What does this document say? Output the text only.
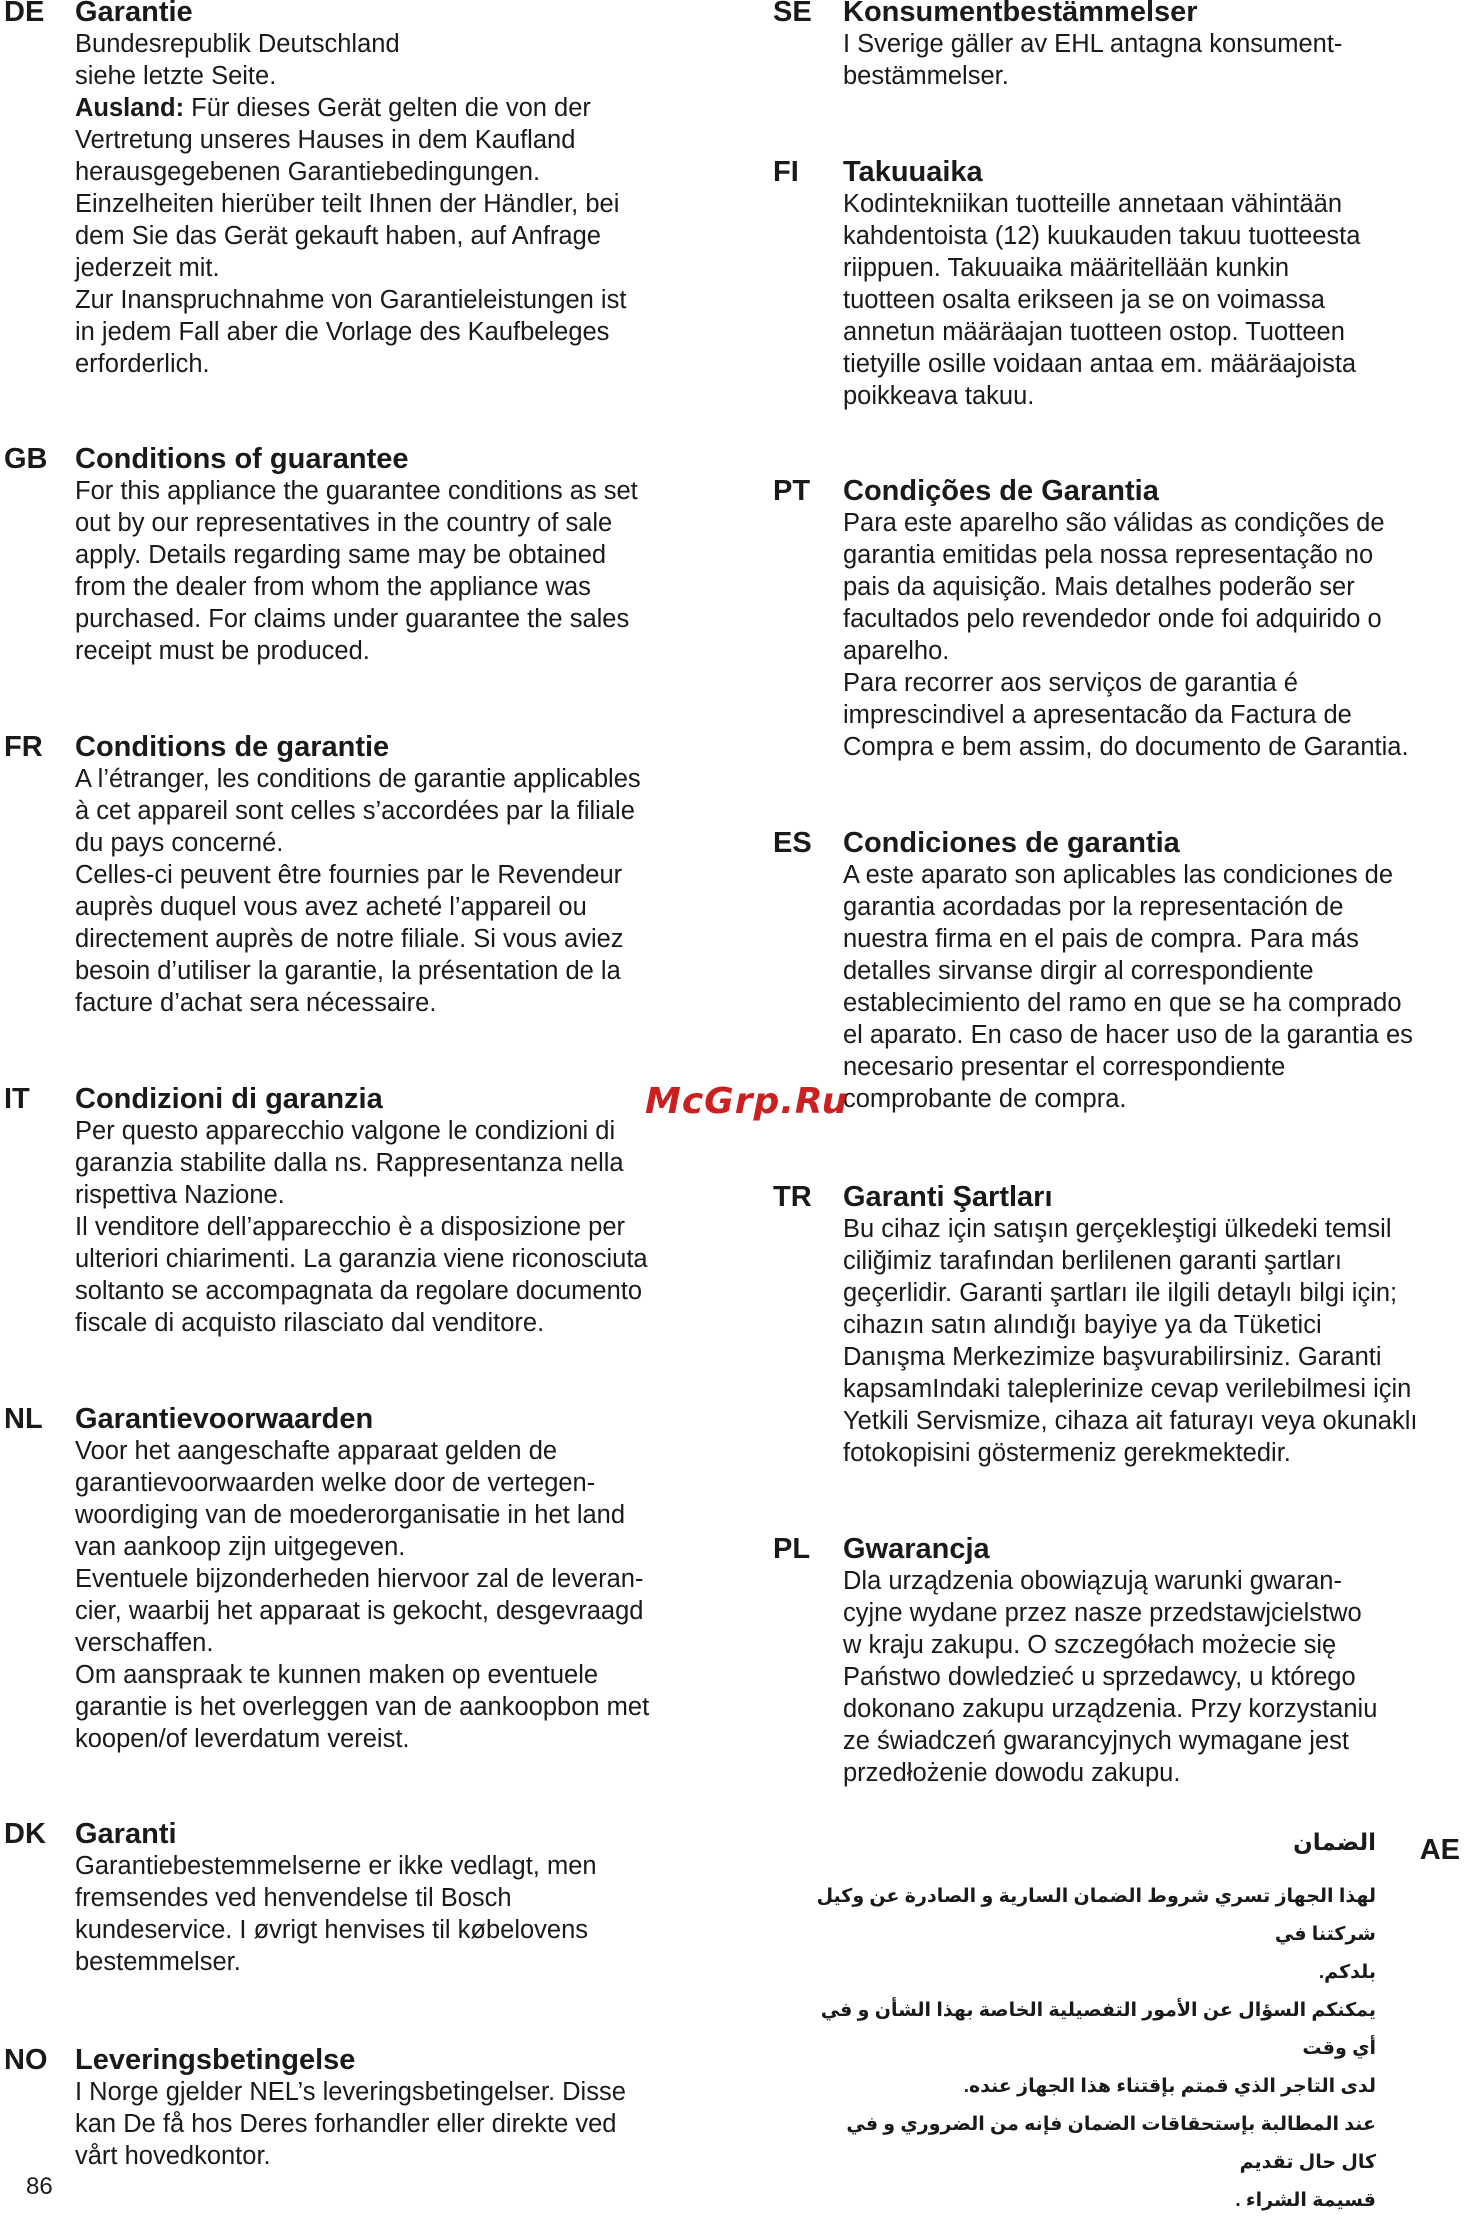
DE Garantie
Bundesrepublik Deutschland
siehe letzte Seite.
Ausland: Für dieses Gerät gelten die von der
Vertretung unseres Hauses in dem Kaufland
herausgegebenen Garantiebedingungen.
Einzelheiten hierüber teilt Ihnen der Händler, bei
dem Sie das Gerät gekauft haben, auf Anfrage
jederzeit mit.
Zur Inanspruchnahme von Garantieleistungen ist
in jedem Fall aber die Vorlage des Kaufbeleges
erforderlich.
GB Conditions of guarantee
For this appliance the guarantee conditions as set
out by our representatives in the country of sale
apply. Details regarding same may be obtained
from the dealer from whom the appliance was
purchased. For claims under guarantee the sales
receipt must be produced.
FR Conditions de garantie
A l’étranger, les conditions de garantie applicables
à cet appareil sont celles s’accordées par la filiale
du pays concerné.
Celles-ci peuvent être fournies par le Revendeur
auprès duquel vous avez acheté l’appareil ou
directement auprès de notre filiale. Si vous aviez
besoin d’utiliser la garantie, la présentation de la
facture d’achat sera nécessaire.
IT Condizioni di garanzia
Per questo apparecchio valgone le condizioni di
garanzia stabilite dalla ns. Rappresentanza nella
rispettiva Nazione.
Il venditore dell’apparecchio è a disposizione per
ulteriori chiarimenti. La garanzia viene riconosciuta
soltanto se accompagnata da regolare documento
fiscale di acquisto rilasciato dal venditore.
NL Garantievoorwaarden
Voor het aangeschafte apparaat gelden de
garantievoorwaarden welke door de vertegen-
woordiging van de moederorganisatie in het land
van aankoop zijn uitgegeven.
Eventuele bijzonderheden hiervoor zal de leveran-
cier, waarbij het apparaat is gekocht, desgevraagd
verschaffen.
Om aanspraak te kunnen maken op eventuele
garantie is het overleggen van de aankoopbon met
koopen/of leverdatum vereist.
DK Garanti
Garantiebestemmelserne er ikke vedlagt, men
fremsendes ved henvendelse til Bosch
kundeservice. I øvrigt henvises til købelovens
bestemmelser.
NO Leveringsbetingelse
I Norge gjelder NEL’s leveringsbetingelser. Disse
kan De få hos Deres forhandler eller direkte ved
vårt hovedkontor.
SE Konsumentbestämmelser
I Sverige gäller av EHL antagna konsument-
bestämmelser.
FI Takuuaika
Kodintekniikan tuotteille annetaan vähintään
kahdentoista (12) kuukauden takuu tuotteesta
riippuen. Takuuaika määritellään kunkin
tuotteen osalta erikseen ja se on voimassa
annetun määräajan tuotteen ostop. Tuotteen
tietyille osille voidaan antaa em. määräajoista
poikkeava takuu.
PT Condições de Garantia
Para este aparelho são válidas as condições de
garantia emitidas pela nossa representação no
pais da aquisição. Mais detalhes poderão ser
facultados pelo revendedor onde foi adquirido o
aparelho.
Para recorrer aos serviços de garantia é
imprescindivel a apresentacão da Factura de
Compra e bem assim, do documento de Garantia.
ES Condiciones de garantia
A este aparato son aplicables las condiciones de
garantia acordadas por la representación de
nuestra firma en el pais de compra. Para más
detalles sirvanse dirgir al correspondiente
establecimiento del ramo en que se ha comprado
el aparato. En caso de hacer uso de la garantia es
necesario presentar el correspondiente
comprobante de compra.
TR Garanti Şartları
Bu cihaz için satışın gerçekleştigi ülkedeki temsil
ciliğimiz tarafından berlilenen garanti şartları
geçerlidir. Garanti şartları ile ilgili detaylı bilgi için;
cihazın satın alındığı bayiye ya da Tüketici
Danışma Merkezimize başvurabilirsiniz. Garanti
kapsamIndaki taleplerinize cevap verilebilmesi için
Yetkili Servismize, cihaza ait faturayı veya okunaklı
fotokopisini göstermeniz gerekmektedir.
PL Gwarancja
Dla urządzenia obowiązują warunki gwaran-
cyjne wydane przez nasze przedstawjcielstwo
w kraju zakupu. O szczegółach możecie się
Państwo dowledzieć u sprzedawcy, u którego
dokonano zakupu urządzenia. Przy korzystaniu
ze świadczeń gwarancyjnych wymagane jest
przedłożenie dowodu zakupu.
AE
الضمان
لهذا الجهاز تسري شروط الضمان السارية و الصادرة عن وكيل شركتنا في
بلدكم.
يمكنكم السؤال عن الأمور التفصيلية الخاصة بهذا الشأن و في أي وقت
لدى التاجر الذي قمتم بإقتناء هذا الجهاز عنده.
عند المطالبة بإستحقاقات الضمان فإنه من الضروري و في كال حال تقديم
قسيمة الشراء .
McGrp.Ru
86
